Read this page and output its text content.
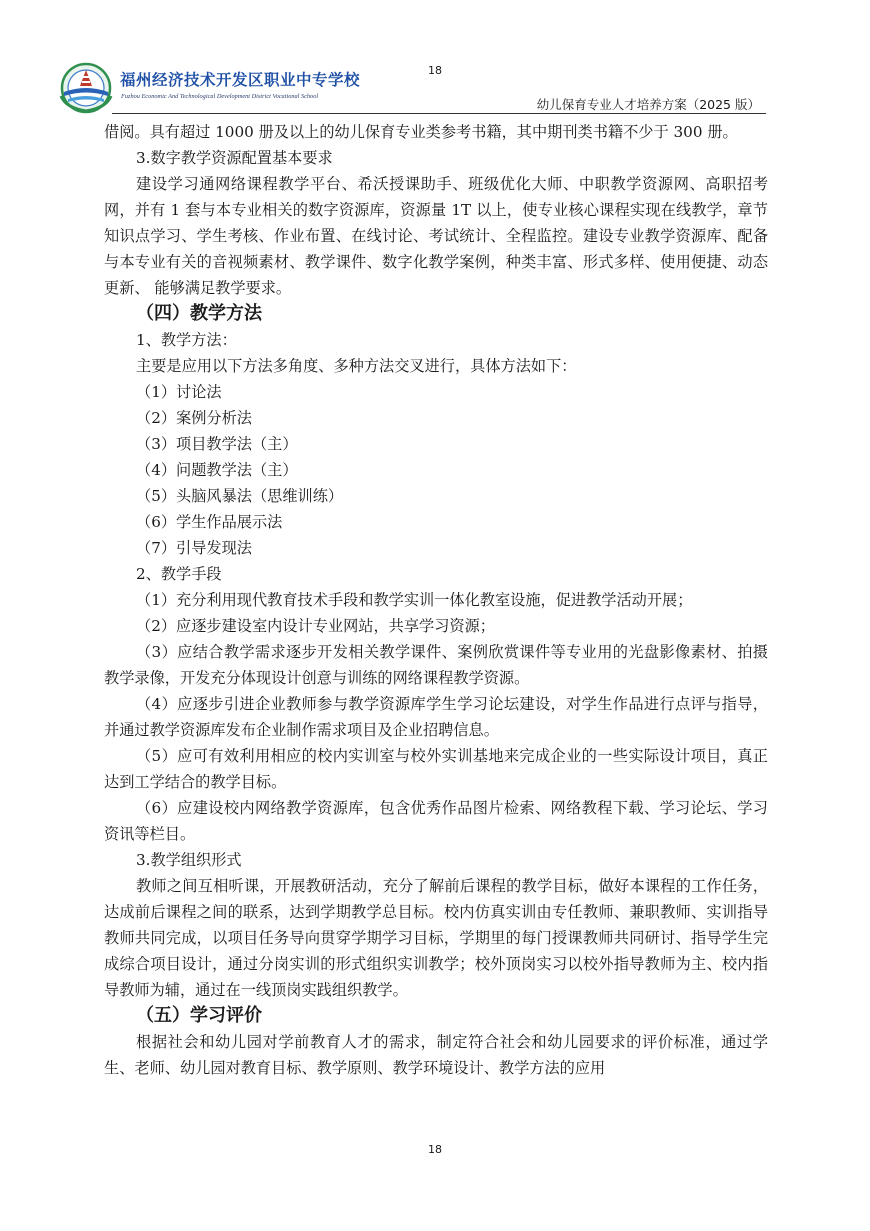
福州经济技术开发区职业中专学校
Fuzhou Economic And Technological Development District Vocational School
18
幼儿保育专业人才培养方案（2025 版）

借阅。具有超过 1000 册及以上的幼儿保育专业类参考书籍，其中期刊类书籍不少于 300 册。

3.数字教学资源配置基本要求

建设学习通网络课程教学平台、希沃授课助手、班级优化大师、中职教学资源网、高职招考网，并有 1 套与本专业相关的数字资源库，资源量 1T 以上，使专业核心课程实现在线教学，章节知识点学习、学生考核、作业布置、在线讨论、考试统计、全程监控。建设专业教学资源库、配备与本专业有关的音视频素材、教学课件、数字化教学案例，种类丰富、形式多样、使用便捷、动态更新、 能够满足教学要求。

（四）教学方法

1、教学方法：

主要是应用以下方法多角度、多种方法交叉进行，具体方法如下：

（1）讨论法

（2）案例分析法

（3）项目教学法（主）

（4）问题教学法（主）

（5）头脑风暴法（思维训练）

（6）学生作品展示法

（7）引导发现法

2、教学手段

（1）充分利用现代教育技术手段和教学实训一体化教室设施，促进教学活动开展；

（2）应逐步建设室内设计专业网站，共享学习资源；

（3）应结合教学需求逐步开发相关教学课件、案例欣赏课件等专业用的光盘影像素材、拍摄教学录像，开发充分体现设计创意与训练的网络课程教学资源。

（4）应逐步引进企业教师参与教学资源库学生学习论坛建设，对学生作品进行点评与指导，并通过教学资源库发布企业制作需求项目及企业招聘信息。

（5）应可有效利用相应的校内实训室与校外实训基地来完成企业的一些实际设计项目，真正达到工学结合的教学目标。

（6）应建设校内网络教学资源库，包含优秀作品图片检索、网络教程下载、学习论坛、学习资讯等栏目。

3.教学组织形式

教师之间互相听课，开展教研活动，充分了解前后课程的教学目标，做好本课程的工作任务，达成前后课程之间的联系，达到学期教学总目标。校内仿真实训由专任教师、兼职教师、实训指导教师共同完成，以项目任务导向贯穿学期学习目标，学期里的每门授课教师共同研讨、指导学生完成综合项目设计，通过分岗实训的形式组织实训教学；校外顶岗实习以校外指导教师为主、校内指导教师为辅，通过在一线顶岗实践组织教学。

（五）学习评价

根据社会和幼儿园对学前教育人才的需求，制定符合社会和幼儿园要求的评价标准，通过学生、老师、幼儿园对教育目标、教学原则、教学环境设计、教学方法的应用

18
